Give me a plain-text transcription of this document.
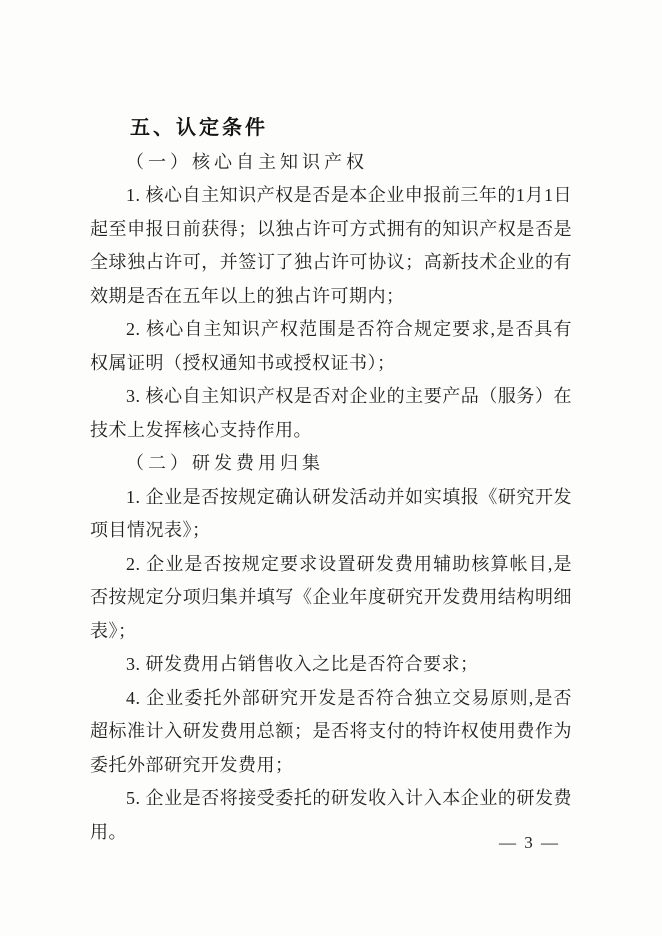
五、认定条件

（一）核心自主知识产权

1. 核心自主知识产权是否是本企业申报前三年的1月1日起至申报日前获得；以独占许可方式拥有的知识产权是否是全球独占许可，并签订了独占许可协议；高新技术企业的有效期是否在五年以上的独占许可期内；

2. 核心自主知识产权范围是否符合规定要求,是否具有权属证明（授权通知书或授权证书）；

3. 核心自主知识产权是否对企业的主要产品（服务）在技术上发挥核心支持作用。

（二）研发费用归集

1. 企业是否按规定确认研发活动并如实填报《研究开发项目情况表》；

2. 企业是否按规定要求设置研发费用辅助核算帐目,是否按规定分项归集并填写《企业年度研究开发费用结构明细表》；

3. 研发费用占销售收入之比是否符合要求；

4. 企业委托外部研究开发是否符合独立交易原则,是否超标准计入研发费用总额；是否将支付的特许权使用费作为委托外部研究开发费用；

5. 企业是否将接受委托的研发收入计入本企业的研发费用。

— 3 —
